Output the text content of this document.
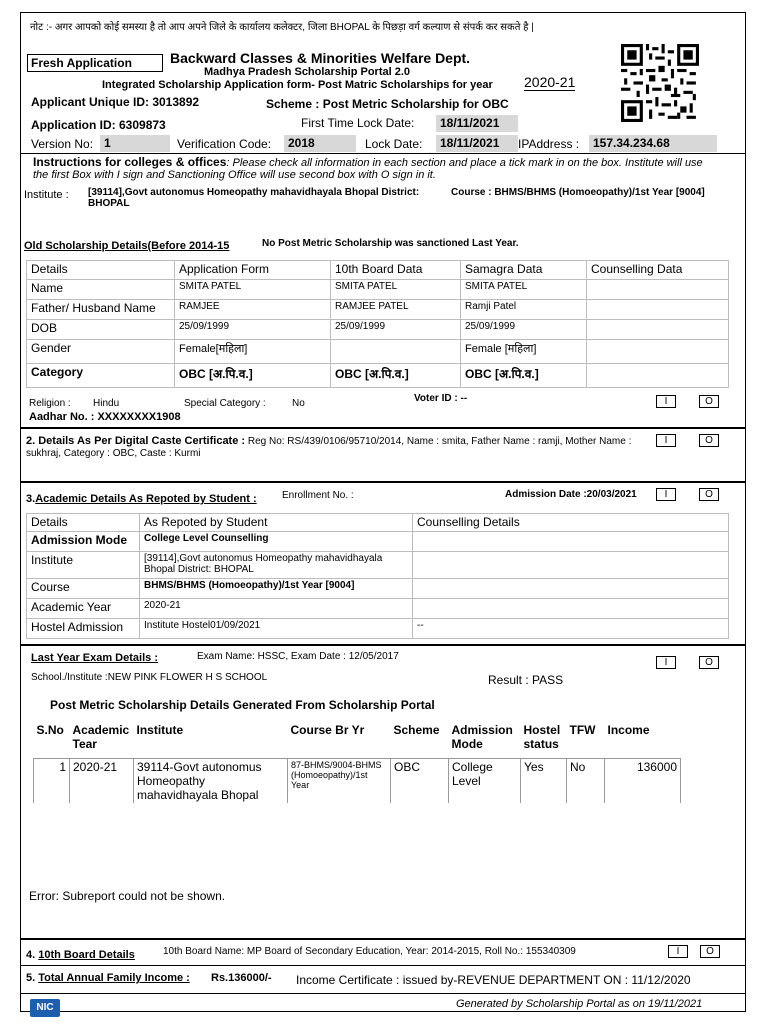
नोट :- अगर आपको कोई समस्या है तो आप अपने जिले के कार्यालय कलेक्टर, जिला BHOPAL के पिछड़ा वर्ग कल्याण से संपर्क कर सकते है |
Fresh Application	Backward Classes & Minorities Welfare Dept.
Madhya Pradesh Scholarship Portal 2.0
Integrated Scholarship Application form- Post Matric Scholarships for year 2020-21
Applicant Unique ID: 3013892	Scheme : Post Metric Scholarship for OBC
Application ID: 6309873	First Time Lock Date:	18/11/2021
Version No: 1	Verification Code:	2018	Lock Date:	18/11/2021	IPAddress :	157.34.234.68
Instructions for colleges & offices: Please check all information in each section and place a tick mark in on the box. Institute will use the first Box with I sign and Sanctioning Office will use second box with O sign in it.
Institute : [39114],Govt autonomus Homeopathy mahavidhayala Bhopal District: BHOPAL
Course : BHMS/BHMS (Homoeopathy)/1st Year [9004]
Old Scholarship Details(Before 2014-15	No Post Metric Scholarship was sanctioned Last Year.
Details	Application Form	10th Board Data	Samagra Data	Counselling Data
Name	SMITA PATEL	SMITA PATEL	SMITA PATEL	
Father/ Husband Name	RAMJEE	RAMJEE PATEL	Ramji Patel	
DOB	25/09/1999	25/09/1999	25/09/1999	
Gender	Female[महिला]		Female [महिला]	
Category	OBC [अ.पि.व.]	OBC [अ.पि.व.]	OBC [अ.पि.व.]	
Religion : Hindu	Special Category :	No	Voter ID : --
Aadhar No. : XXXXXXXX1908
I	O
2. Details As Per Digital Caste Certificate : Reg No: RS/439/0106/95710/2014, Name : smita, Father Name : ramji, Mother Name : sukhraj, Category : OBC, Caste : Kurmi
I	O
3.Academic Details As Repoted by Student :	Enrollment No. :	Admission Date :20/03/2021	I	O
Details	As Repoted by Student	Counselling Details
Admission Mode	College Level Counselling	
Institute	[39114],Govt autonomus Homeopathy mahavidhayala Bhopal District: BHOPAL	
Course	BHMS/BHMS (Homoeopathy)/1st Year [9004]	
Academic Year	2020-21	
Hostel Admission	Institute Hostel01/09/2021	--
Last Year Exam Details :	Exam Name: HSSC, Exam Date : 12/05/2017
School./Institute :NEW PINK FLOWER H S SCHOOL	Result : PASS
I	O
Post Metric Scholarship Details Generated From Scholarship Portal
S.No	Academic Tear	Institute	Course Br Yr	Scheme	Admission Mode	Hostel status	TFW	Income
1	2020-21	39114-Govt autonomus Homeopathy mahavidhayala Bhopal	87-BHMS/9004-BHMS (Homoeopathy)/1st Year	OBC	College Level	Yes	No	136000
Error: Subreport could not be shown.
4. 10th Board Details	10th Board Name: MP Board of Secondary Education, Year: 2014-2015, Roll No.: 155340309	I	O
5. Total Annual Family Income : Rs.136000/- Income Certificate : issued by-REVENUE DEPARTMENT ON : 11/12/2020
NIC	Generated by Scholarship Portal as on 19/11/2021
